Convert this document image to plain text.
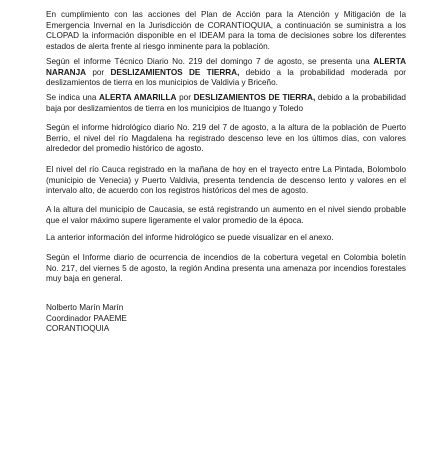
En cumplimiento con las acciones del Plan de Acción para la Atención y Mitigación de la Emergencia Invernal en la Jurisdicción de CORANTIOQUIA, a continuación se suministra a los CLOPAD la información disponible en el IDEAM para la toma de decisiones sobre los diferentes estados de alerta frente al riesgo inminente para la población.

Según el informe Técnico Diario No. 219 del domingo 7 de agosto, se presenta una ALERTA NARANJA por DESLIZAMIENTOS DE TIERRA, debido a la probabilidad moderada por deslizamientos de tierra en los municipios de Valdivia y Briceño.

Se indica una ALERTA AMARILLA por DESLIZAMIENTOS DE TIERRA, debido a la probabilidad baja por deslizamientos de tierra en los municipios de Ituango y Toledo

Según el informe hidrológico diario No. 219 del 7 de agosto, a la altura de la población de Puerto Berrio, el nivel del río Magdalena ha registrado descenso leve en los últimos días, con valores alrededor del promedio histórico de agosto.

El nivel del río Cauca registrado en la mañana de hoy en el trayecto entre La Pintada, Bolombolo (municipio de Venecia) y Puerto Valdivia, presenta tendencia de descenso lento y valores en el intervalo alto, de acuerdo con los registros históricos del mes de agosto.

A la altura del municipio de Caucasia, se está registrando un aumento en el nivel siendo probable que el valor máximo supere ligeramente el valor promedio de la época.

La anterior información del informe hidrológico se puede visualizar en el anexo.

Según el Informe diario de ocurrencia de incendios de la cobertura vegetal en Colombia boletín No. 217, del viernes 5 de agosto, la región Andina presenta una amenaza por incendios forestales muy baja en general.

Nolberto Marín Marín
Coordinador PAAEME
CORANTIOQUIA
